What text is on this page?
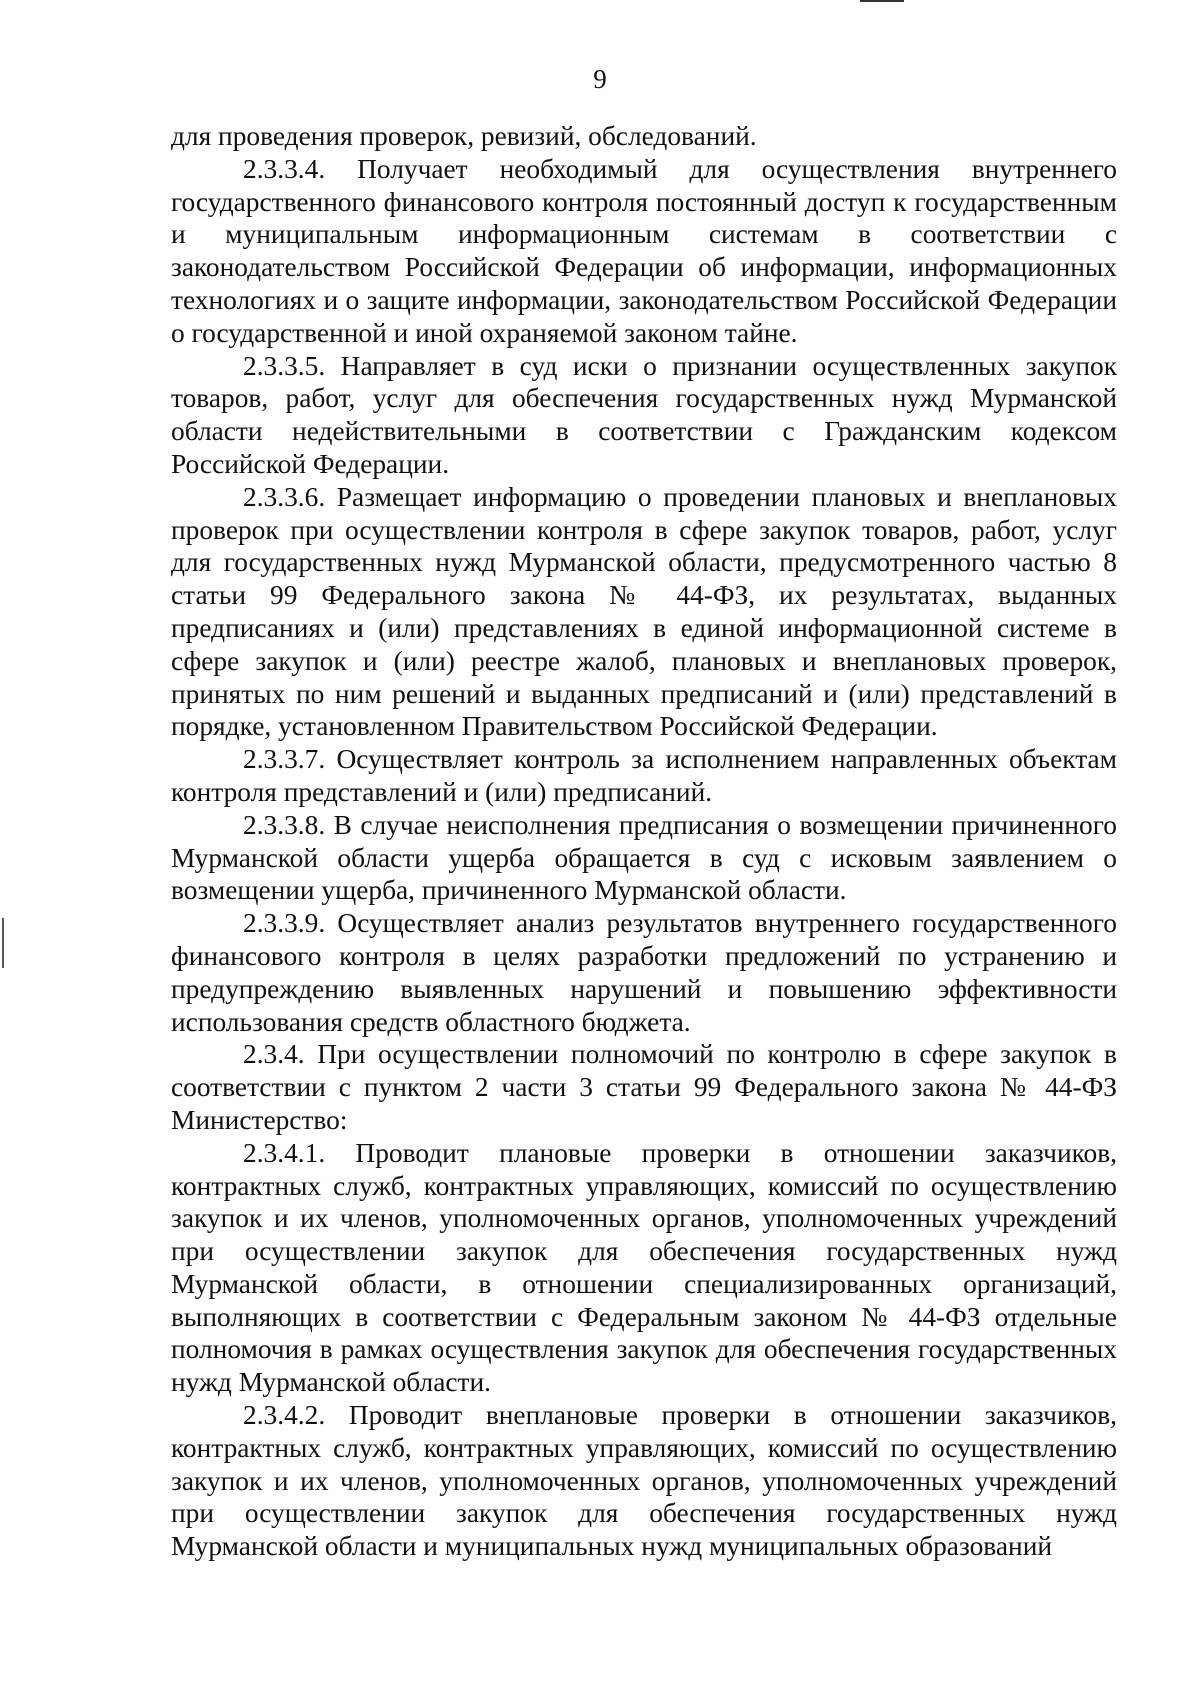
9

для проведения проверок, ревизий, обследований.

2.3.3.4. Получает необходимый для осуществления внутреннего государственного финансового контроля постоянный доступ к государственным и муниципальным информационным системам в соответствии с законодательством Российской Федерации об информации, информационных технологиях и о защите информации, законодательством Российской Федерации о государственной и иной охраняемой законом тайне.

2.3.3.5. Направляет в суд иски о признании осуществленных закупок товаров, работ, услуг для обеспечения государственных нужд Мурманской области недействительными в соответствии с Гражданским кодексом Российской Федерации.

2.3.3.6. Размещает информацию о проведении плановых и внеплановых проверок при осуществлении контроля в сфере закупок товаров, работ, услуг для государственных нужд Мурманской области, предусмотренного частью 8 статьи 99 Федерального закона № 44-ФЗ, их результатах, выданных предписаниях и (или) представлениях в единой информационной системе в сфере закупок и (или) реестре жалоб, плановых и внеплановых проверок, принятых по ним решений и выданных предписаний и (или) представлений в порядке, установленном Правительством Российской Федерации.

2.3.3.7. Осуществляет контроль за исполнением направленных объектам контроля представлений и (или) предписаний.

2.3.3.8. В случае неисполнения предписания о возмещении причиненного Мурманской области ущерба обращается в суд с исковым заявлением о возмещении ущерба, причиненного Мурманской области.

2.3.3.9. Осуществляет анализ результатов внутреннего государственного финансового контроля в целях разработки предложений по устранению и предупреждению выявленных нарушений и повышению эффективности использования средств областного бюджета.

2.3.4. При осуществлении полномочий по контролю в сфере закупок в соответствии с пунктом 2 части 3 статьи 99 Федерального закона № 44-ФЗ Министерство:

2.3.4.1. Проводит плановые проверки в отношении заказчиков, контрактных служб, контрактных управляющих, комиссий по осуществлению закупок и их членов, уполномоченных органов, уполномоченных учреждений при осуществлении закупок для обеспечения государственных нужд Мурманской области, в отношении специализированных организаций, выполняющих в соответствии с Федеральным законом № 44-ФЗ отдельные полномочия в рамках осуществления закупок для обеспечения государственных нужд Мурманской области.

2.3.4.2. Проводит внеплановые проверки в отношении заказчиков, контрактных служб, контрактных управляющих, комиссий по осуществлению закупок и их членов, уполномоченных органов, уполномоченных учреждений при осуществлении закупок для обеспечения государственных нужд Мурманской области и муниципальных нужд муниципальных образований
